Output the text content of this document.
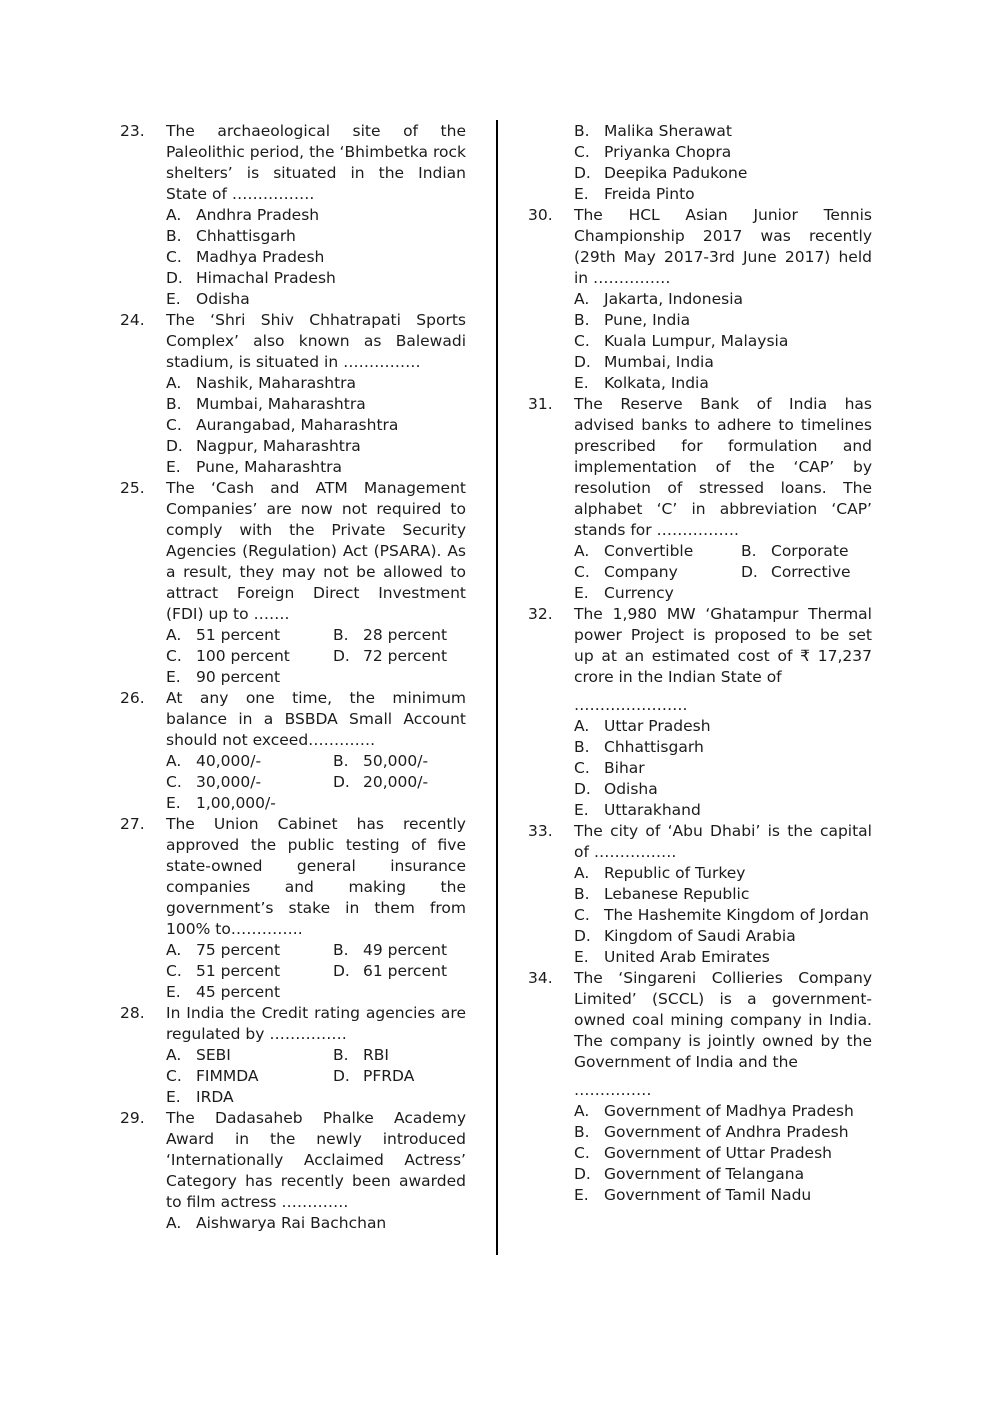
23.	The archaeological site of the Paleolithic period, the ‘Bhimbetka rock shelters’ is situated in the Indian State of …………….

A. Andhra Pradesh
B. Chhattisgarh
C. Madhya Pradesh
D. Himachal Pradesh
E. Odisha
24.	The ‘Shri Shiv Chhatrapati Sports Complex’ also known as Balewadi stadium, is situated in ……………

A. Nashik, Maharashtra
B. Mumbai, Maharashtra
C. Aurangabad, Maharashtra
D. Nagpur, Maharashtra
E. Pune, Maharashtra
25.	The ‘Cash and ATM Management Companies’ are now not required to comply with the Private Security Agencies (Regulation) Act (PSARA). As a result, they may not be allowed to attract Foreign Direct Investment (FDI) up to …….

A. 51 percent	B. 28 percent
C. 100 percent	D. 72 percent
E. 90 percent
26.	At any one time, the minimum balance in a BSBDA Small Account should not exceed………….

A. 40,000/-	B. 50,000/-
C. 30,000/-	D. 20,000/-
E. 1,00,000/-
27.	The Union Cabinet has recently approved the public testing of five state-owned general insurance companies and making the government’s stake in them from 100% to…………..

A. 75 percent	B. 49 percent
C. 51 percent	D. 61 percent
E. 45 percent
28.	In India the Credit rating agencies are regulated by ……………

A. SEBI	B. RBI
C. FIMMDA	D. PFRDA
E. IRDA
29.	The Dadasaheb Phalke Academy Award in the newly introduced ‘Internationally Acclaimed Actress’ Category has recently been awarded to film actress ………….

A. Aishwarya Rai Bachchan
B. Malika Sherawat
C. Priyanka Chopra
D. Deepika Padukone
E. Freida Pinto
30.	The HCL Asian Junior Tennis Championship 2017 was recently (29th May 2017-3rd June 2017) held in ……………

A. Jakarta, Indonesia
B. Pune, India
C. Kuala Lumpur, Malaysia
D. Mumbai, India
E. Kolkata, India
31.	The Reserve Bank of India has advised banks to adhere to timelines prescribed for formulation and implementation of the ‘CAP’ by resolution of stressed loans. The alphabet ‘C’ in abbreviation ‘CAP’ stands for …………….

A. Convertible	B. Corporate
C. Company	D. Corrective
E. Currency
32.	The 1,980 MW ‘Ghatampur Thermal power Project is proposed to be set up at an estimated cost of ₹ 17,237 crore in the Indian State of

………………….

A. Uttar Pradesh
B. Chhattisgarh
C. Bihar
D. Odisha
E. Uttarakhand
33.	The city of ‘Abu Dhabi’ is the capital of …………….

A. Republic of Turkey
B. Lebanese Republic
C. The Hashemite Kingdom of Jordan
D. Kingdom of Saudi Arabia
E. United Arab Emirates
34.	The ‘Singareni Collieries Company Limited’ (SCCL) is a government-owned coal mining company in India. The company is jointly owned by the Government of India and the

……………

A. Government of Madhya Pradesh
B. Government of Andhra Pradesh
C. Government of Uttar Pradesh
D. Government of Telangana
E. Government of Tamil Nadu
